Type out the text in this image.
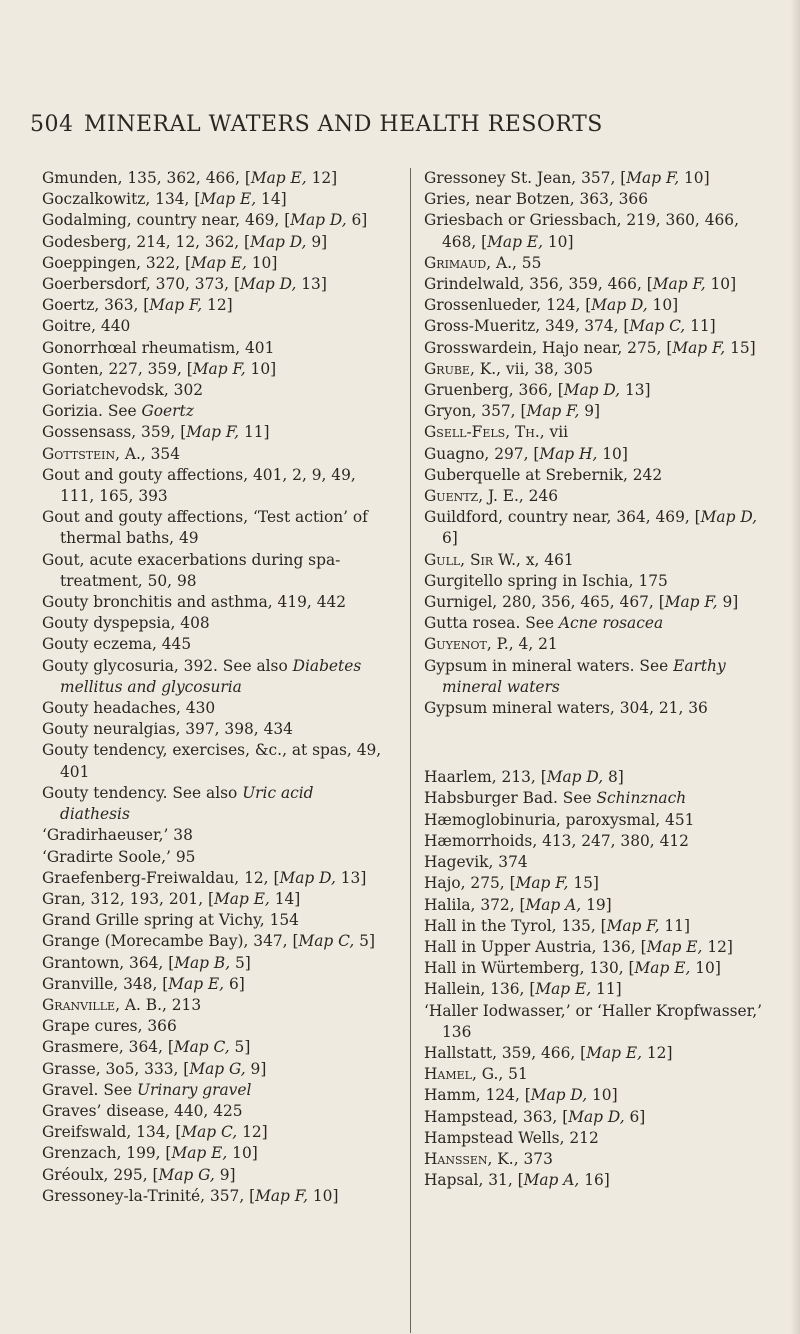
504 MINERAL WATERS AND HEALTH RESORTS
Gmunden, 135, 362, 466, [Map E, 12]
Goczalkowitz, 134, [Map E, 14]
Godalming, country near, 469, [Map D, 6]
Godesberg, 214, 12, 362, [Map D, 9]
Goeppingen, 322, [Map E, 10]
Goerbersdorf, 370, 373, [Map D, 13]
Goertz, 363, [Map F, 12]
Goitre, 440
Gonorrhœal rheumatism, 401
Gonten, 227, 359, [Map F, 10]
Goriatchevodsk, 302
Gorizia. See Goertz
Gossensass, 359, [Map F, 11]
Gottstein, A., 354
Gout and gouty affections, 401, 2, 9, 49, 111, 165, 393
Gout and gouty affections, ‘Test action’ of thermal baths, 49
Gout, acute exacerbations during spa-treatment, 50, 98
Gouty bronchitis and asthma, 419, 442
Gouty dyspepsia, 408
Gouty eczema, 445
Gouty glycosuria, 392. See also Diabetes mellitus and glycosuria
Gouty headaches, 430
Gouty neuralgias, 397, 398, 434
Gouty tendency, exercises, &c., at spas, 49, 401
Gouty tendency. See also Uric acid diathesis
‘Gradirhaeuser,’ 38
‘Gradirte Soole,’ 95
Graefenberg-Freiwaldau, 12, [Map D, 13]
Gran, 312, 193, 201, [Map E, 14]
Grand Grille spring at Vichy, 154
Grange (Morecambe Bay), 347, [Map C, 5]
Grantown, 364, [Map B, 5]
Granville, 348, [Map E, 6]
Granville, A. B., 213
Grape cures, 366
Grasmere, 364, [Map C, 5]
Grasse, 3o5, 333, [Map G, 9]
Gravel. See Urinary gravel
Graves’ disease, 440, 425
Greifswald, 134, [Map C, 12]
Grenzach, 199, [Map E, 10]
Gréoulx, 295, [Map G, 9]
Gressoney-la-Trinité, 357, [Map F, 10]
Gressoney St. Jean, 357, [Map F, 10]
Gries, near Botzen, 363, 366
Griesbach or Griessbach, 219, 360, 466, 468, [Map E, 10]
Grimaud, A., 55
Grindelwald, 356, 359, 466, [Map F, 10]
Grossenlueder, 124, [Map D, 10]
Gross-Mueritz, 349, 374, [Map C, 11]
Grosswardein, Hajo near, 275, [Map F, 15]
Grube, K., vii, 38, 305
Gruenberg, 366, [Map D, 13]
Gryon, 357, [Map F, 9]
Gsell-Fels, Th., vii
Guagno, 297, [Map H, 10]
Guberquelle at Srebernik, 242
Guentz, J. E., 246
Guildford, country near, 364, 469, [Map D, 6]
Gull, Sir W., x, 461
Gurgitello spring in Ischia, 175
Gurnigel, 280, 356, 465, 467, [Map F, 9]
Gutta rosea. See Acne rosacea
Guyenot, P., 4, 21
Gypsum in mineral waters. See Earthy mineral waters
Gypsum mineral waters, 304, 21, 36
Haarlem, 213, [Map D, 8]
Habsburger Bad. See Schinznach
Hæmoglobinuria, paroxysmal, 451
Hæmorrhoids, 413, 247, 380, 412
Hagevik, 374
Hajo, 275, [Map F, 15]
Halila, 372, [Map A, 19]
Hall in the Tyrol, 135, [Map F, 11]
Hall in Upper Austria, 136, [Map E, 12]
Hall in Würtemberg, 130, [Map E, 10]
Hallein, 136, [Map E, 11]
‘Haller Iodwasser,’ or ‘Haller Kropfwasser,’ 136
Hallstatt, 359, 466, [Map E, 12]
Hamel, G., 51
Hamm, 124, [Map D, 10]
Hampstead, 363, [Map D, 6]
Hampstead Wells, 212
Hanssen, K., 373
Hapsal, 31, [Map A, 16]
